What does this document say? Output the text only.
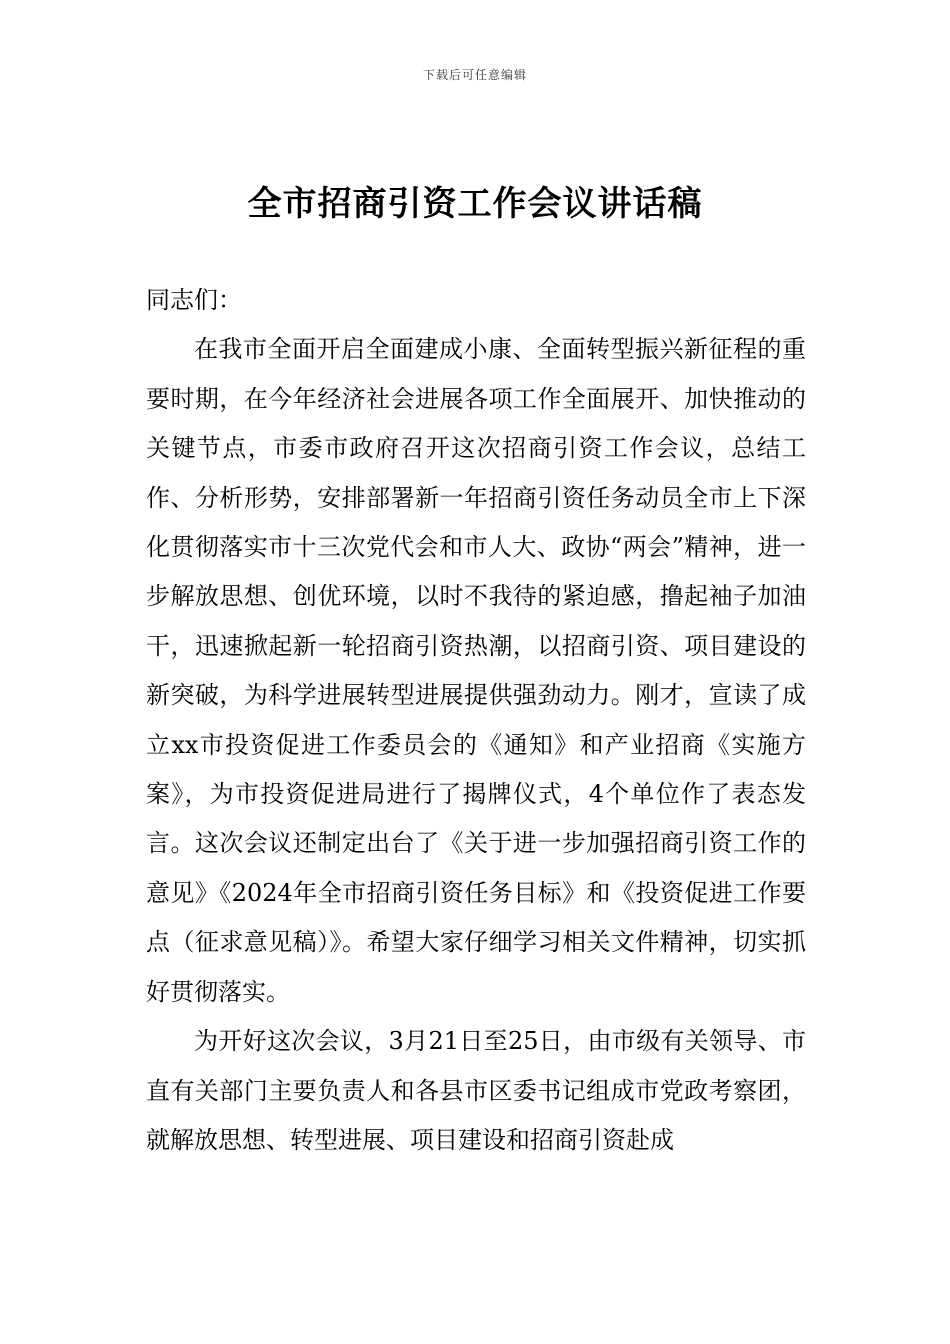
下载后可任意编辑
全市招商引资工作会议讲话稿

同志们：

在我市全面开启全面建成小康、全面转型振兴新征程的重要时期，在今年经济社会进展各项工作全面展开、加快推动的关键节点，市委市政府召开这次招商引资工作会议，总结工作、分析形势，安排部署新一年招商引资任务动员全市上下深化贯彻落实市十三次党代会和市人大、政协“两会”精神，进一步解放思想、创优环境，以时不我待的紧迫感，撸起袖子加油干，迅速掀起新一轮招商引资热潮，以招商引资、项目建设的新突破，为科学进展转型进展提供强劲动力。刚才，宣读了成立xx市投资促进工作委员会的《通知》和产业招商《实施方案》，为市投资促进局进行了揭牌仪式，4个单位作了表态发言。这次会议还制定出台了《关于进一步加强招商引资工作的意见》《2024年全市招商引资任务目标》和《投资促进工作要点（征求意见稿）》。希望大家仔细学习相关文件精神，切实抓好贯彻落实。

为开好这次会议，3月21日至25日，由市级有关领导、市直有关部门主要负责人和各县市区委书记组成市党政考察团，就解放思想、转型进展、项目建设和招商引资赴成
